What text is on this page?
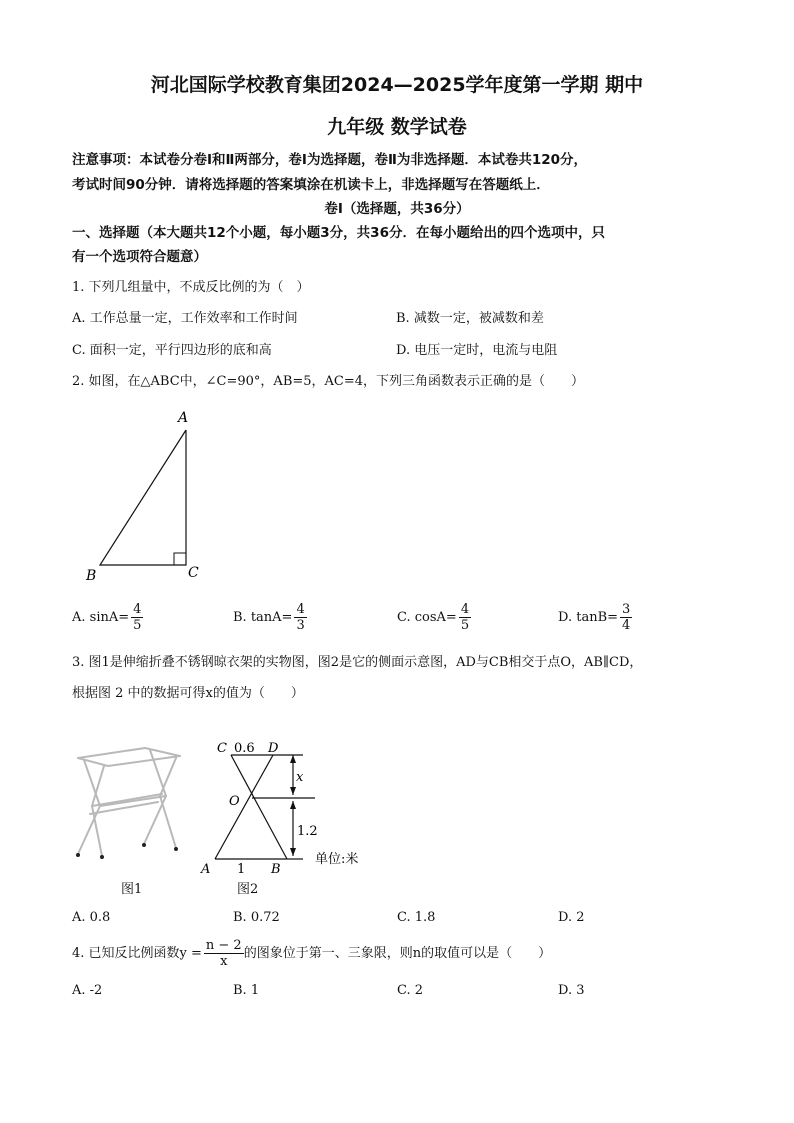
河北国际学校教育集团2024—2025学年度第一学期 期中
九年级 数学试卷
注意事项：本试卷分卷Ⅰ和Ⅱ两部分，卷Ⅰ为选择题，卷Ⅱ为非选择题．本试卷共120分，
考试时间90分钟．请将选择题的答案填涂在机读卡上，非选择题写在答题纸上．
卷Ⅰ（选择题，共36分）
一、选择题（本大题共12个小题，每小题3分，共36分．在每小题给出的四个选项中，只
有一个选项符合题意）
1. 下列几组量中，不成反比例的为（　）
A. 工作总量一定，工作效率和工作时间	B. 减数一定，被减数和差
C. 面积一定，平行四边形的底和高	D. 电压一定时，电流与电阻
2. 如图，在△ABC中，∠C=90°，AB=5，AC=4，下列三角函数表示正确的是（　　）
A
B	C
A. $\sin A= \frac{4}{5}$	B. $\tan A= \frac{4}{3}$	C. $\cos A= \frac{4}{5}$	D. $\tan B= \frac{3}{4}$
3. 图1是伸缩折叠不锈钢晾衣架的实物图，图2是它的侧面示意图，AD与CB相交于点O，AB∥CD，
根据图 2 中的数据可得x的值为（　　）
图1
C 0.6 D
x
O
1.2
A 1 B
单位:米
图2
A. 0.8	B. 0.72	C. 1.8	D. 2
4. 已知反比例函数$y = \frac{n - 2}{x}$ 的图象位于第一、三象限，则n的取值可以是（　　）
A. -2	B. 1	C. 2	D. 3
